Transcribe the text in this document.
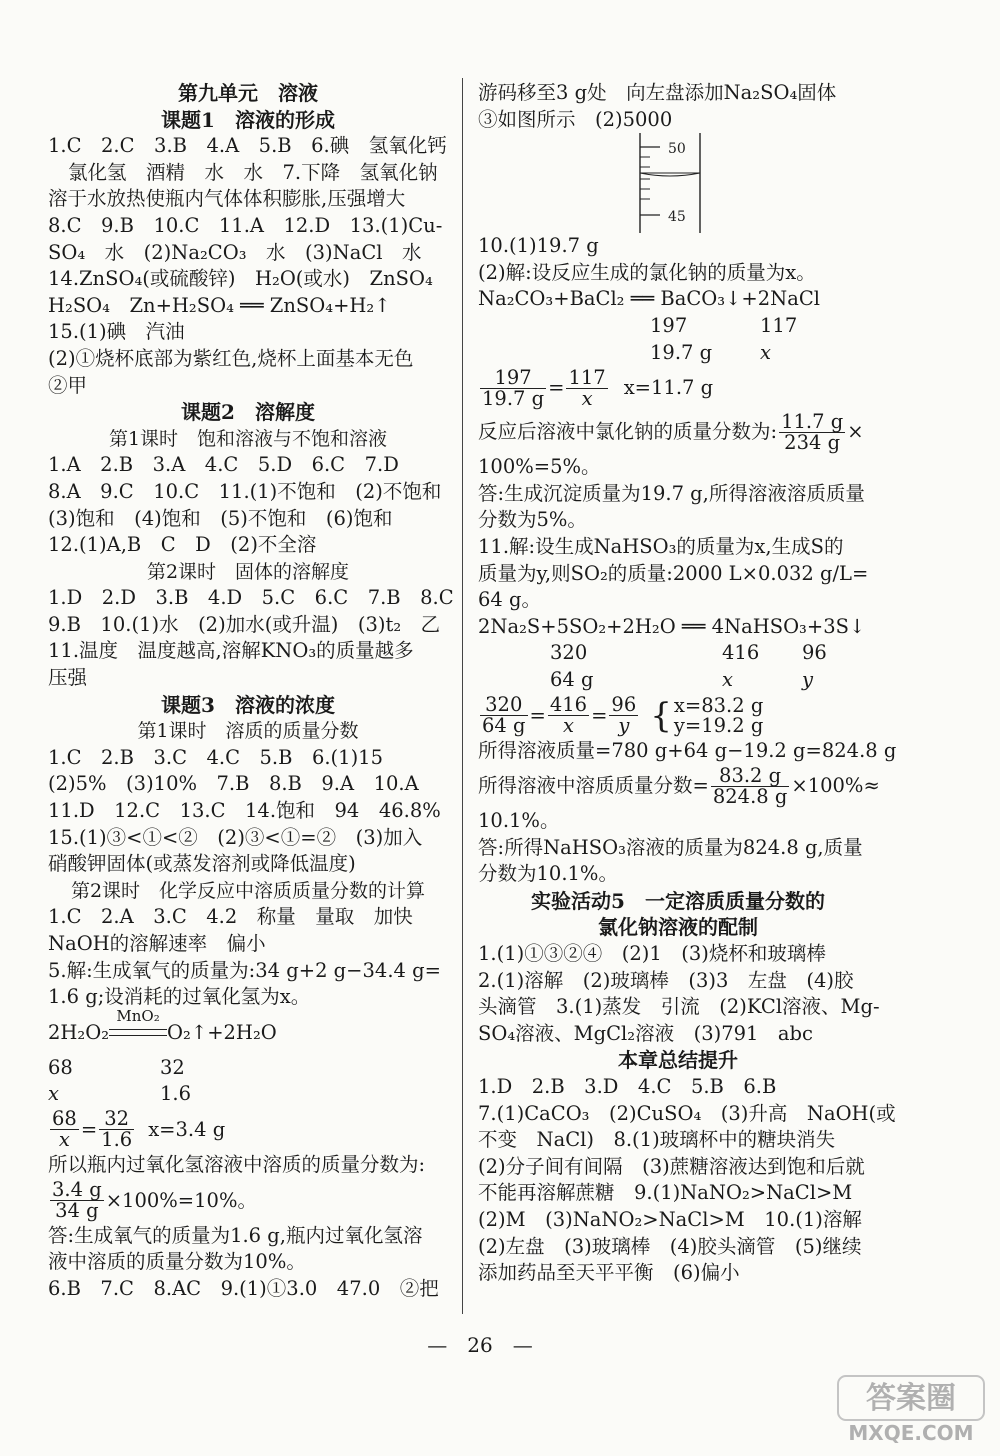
第九单元　溶液
课题1　溶液的形成
1.C　2.C　3.B　4.A　5.B　6.碘　氢氧化钙
氯化氢　酒精　水　水　7.下降　氢氧化钠
溶于水放热使瓶内气体体积膨胀,压强增大
8.C　9.B　10.C　11.A　12.D　13.(1)Cu-
SO₄　水　(2)Na₂CO₃　水　(3)NaCl　水
14.ZnSO₄(或硫酸锌)　H₂O(或水)　ZnSO₄
H₂SO₄　Zn+H₂SO₄ ══ ZnSO₄+H₂↑
15.(1)碘　汽油
(2)①烧杯底部为紫红色,烧杯上面基本无色
②甲
课题2　溶解度
第1课时　饱和溶液与不饱和溶液
1.A　2.B　3.A　4.C　5.D　6.C　7.D
8.A　9.C　10.C　11.(1)不饱和　(2)不饱和
(3)饱和　(4)饱和　(5)不饱和　(6)饱和
12.(1)A,B　C　D　(2)不全溶
第2课时　固体的溶解度
1.D　2.D　3.B　4.D　5.C　6.C　7.B　8.C
9.B　10.(1)水　(2)加水(或升温)　(3)t₂　乙
11.温度　温度越高,溶解KNO₃的质量越多
压强
课题3　溶液的浓度
第1课时　溶质的质量分数
1.C　2.B　3.C　4.C　5.B　6.(1)15
(2)5%　(3)10%　7.B　8.B　9.A　10.A
11.D　12.C　13.C　14.饱和　94　46.8%
15.(1)③<①<②　(2)③<①=②　(3)加入
硝酸钾固体(或蒸发溶剂或降低温度)
第2课时　化学反应中溶质质量分数的计算
1.C　2.A　3.C　4.2　称量　量取　加快
NaOH的溶解速率　偏小
5.解:生成氧气的质量为:34 g+2 g−34.4 g=
1.6 g;设消耗的过氧化氢为x。
2H₂O₂
MnO₂
O₂↑+2H₂O
68	32
x	1.6
$\frac{68}{x} = \frac{32}{1.6} x=3.4$ g
所以瓶内过氧化氢溶液中溶质的质量分数为:
$\frac{3.4 g}{34 g} \times 100\%=10\%$。
答:生成氧气的质量为1.6 g,瓶内过氧化氢溶
液中溶质的质量分数为10%。
6.B　7.C　8.AC　9.(1)①3.0　47.0　②把
游码移至3 g处　向左盘添加Na₂SO₄固体
③如图所示　(2)5000
50
45
10.(1)19.7 g
(2)解:设反应生成的氯化钠的质量为x。
Na₂CO₃+BaCl₂ ══ BaCO₃↓+2NaCl
197	117
19.7 g x
$\frac{197}{19.7 g} = \frac{117}{x} x=11.7$ g
反应后溶液中氯化钠的质量分数为: $\frac{11.7 g}{234 g}$ ×
100%=5%。
答:生成沉淀质量为19.7 g,所得溶液溶质质量
分数为5%。
11.解:设生成NaHSO₃的质量为x,生成S的
质量为y,则SO₂的质量:2000 L×0.032 g/L=
64 g。
2Na₂S+5SO₂+2H₂O ══ 4NaHSO₃+3S↓
320	416 96
64 g	x	y
$\frac{320}{64 g} = \frac{416}{x} = \frac{96}{y}$ { x=83.2 g
y=19.2 g
所得溶液质量=780 g+64 g−19.2 g=824.8 g
所得溶液中溶质质量分数= $\frac{83.2 g}{824.8 g} \times 100\%\approx$
10.1%。
答:所得NaHSO₃溶液的质量为824.8 g,质量
分数为10.1%。
实验活动5　一定溶质质量分数的
氯化钠溶液的配制
1.(1)①③②④　(2)1　(3)烧杯和玻璃棒
2.(1)溶解　(2)玻璃棒　(3)3　左盘　(4)胶
头滴管　3.(1)蒸发　引流　(2)KCl溶液、Mg-
SO₄溶液、MgCl₂溶液　(3)791　abc
本章总结提升
1.D　2.B　3.D　4.C　5.B　6.B
7.(1)CaCO₃　(2)CuSO₄　(3)升高　NaOH(或
不变　NaCl)　8.(1)玻璃杯中的糖块消失
(2)分子间有间隔　(3)蔗糖溶液达到饱和后就
不能再溶解蔗糖　9.(1)NaNO₂>NaCl>M
(2)M　(3)NaNO₂>NaCl>M　10.(1)溶解
(2)左盘　(3)玻璃棒　(4)胶头滴管　(5)继续
添加药品至天平平衡　(6)偏小
—　26　—
答案圈
MXQE.COM
